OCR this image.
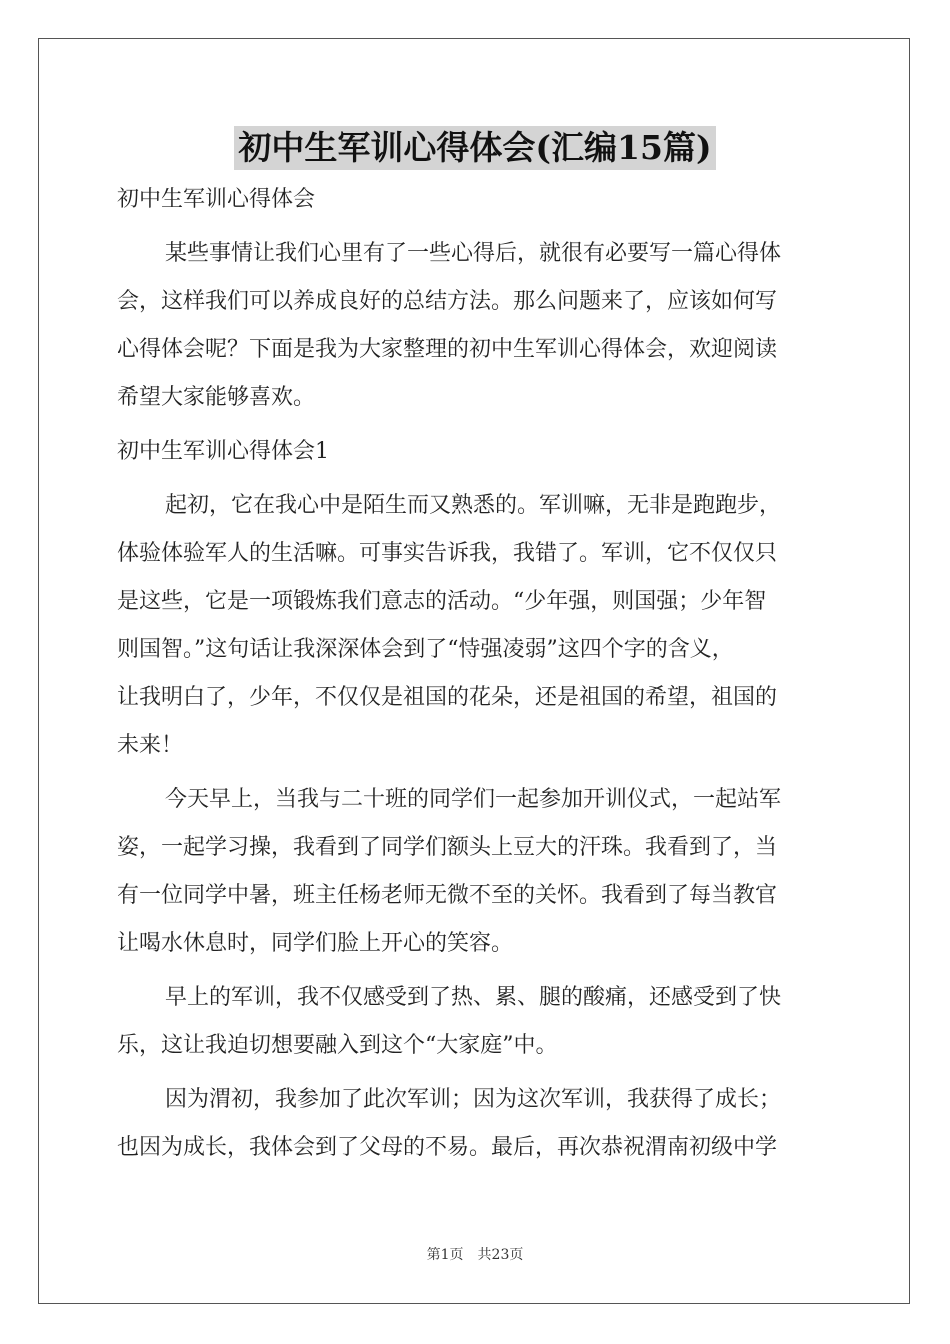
初中生军训心得体会(汇编15篇)
初中生军训心得体会
某些事情让我们心里有了一些心得后，就很有必要写一篇心得体
会，这样我们可以养成良好的总结方法。那么问题来了，应该如何写
心得体会呢？下面是我为大家整理的初中生军训心得体会，欢迎阅读
希望大家能够喜欢。
初中生军训心得体会1
起初，它在我心中是陌生而又熟悉的。军训嘛，无非是跑跑步，
体验体验军人的生活嘛。可事实告诉我，我错了。军训，它不仅仅只
是这些，它是一项锻炼我们意志的活动。“少年强，则国强；少年智
则国智。”这句话让我深深体会到了“恃强凌弱”这四个字的含义，
让我明白了，少年，不仅仅是祖国的花朵，还是祖国的希望，祖国的
未来！
今天早上，当我与二十班的同学们一起参加开训仪式，一起站军
姿，一起学习操，我看到了同学们额头上豆大的汗珠。我看到了，当
有一位同学中暑，班主任杨老师无微不至的关怀。我看到了每当教官
让喝水休息时，同学们脸上开心的笑容。
早上的军训，我不仅感受到了热、累、腿的酸痛，还感受到了快
乐，这让我迫切想要融入到这个“大家庭”中。
因为渭初，我参加了此次军训；因为这次军训，我获得了成长；
也因为成长，我体会到了父母的不易。最后，再次恭祝渭南初级中学
第1页 共23页
